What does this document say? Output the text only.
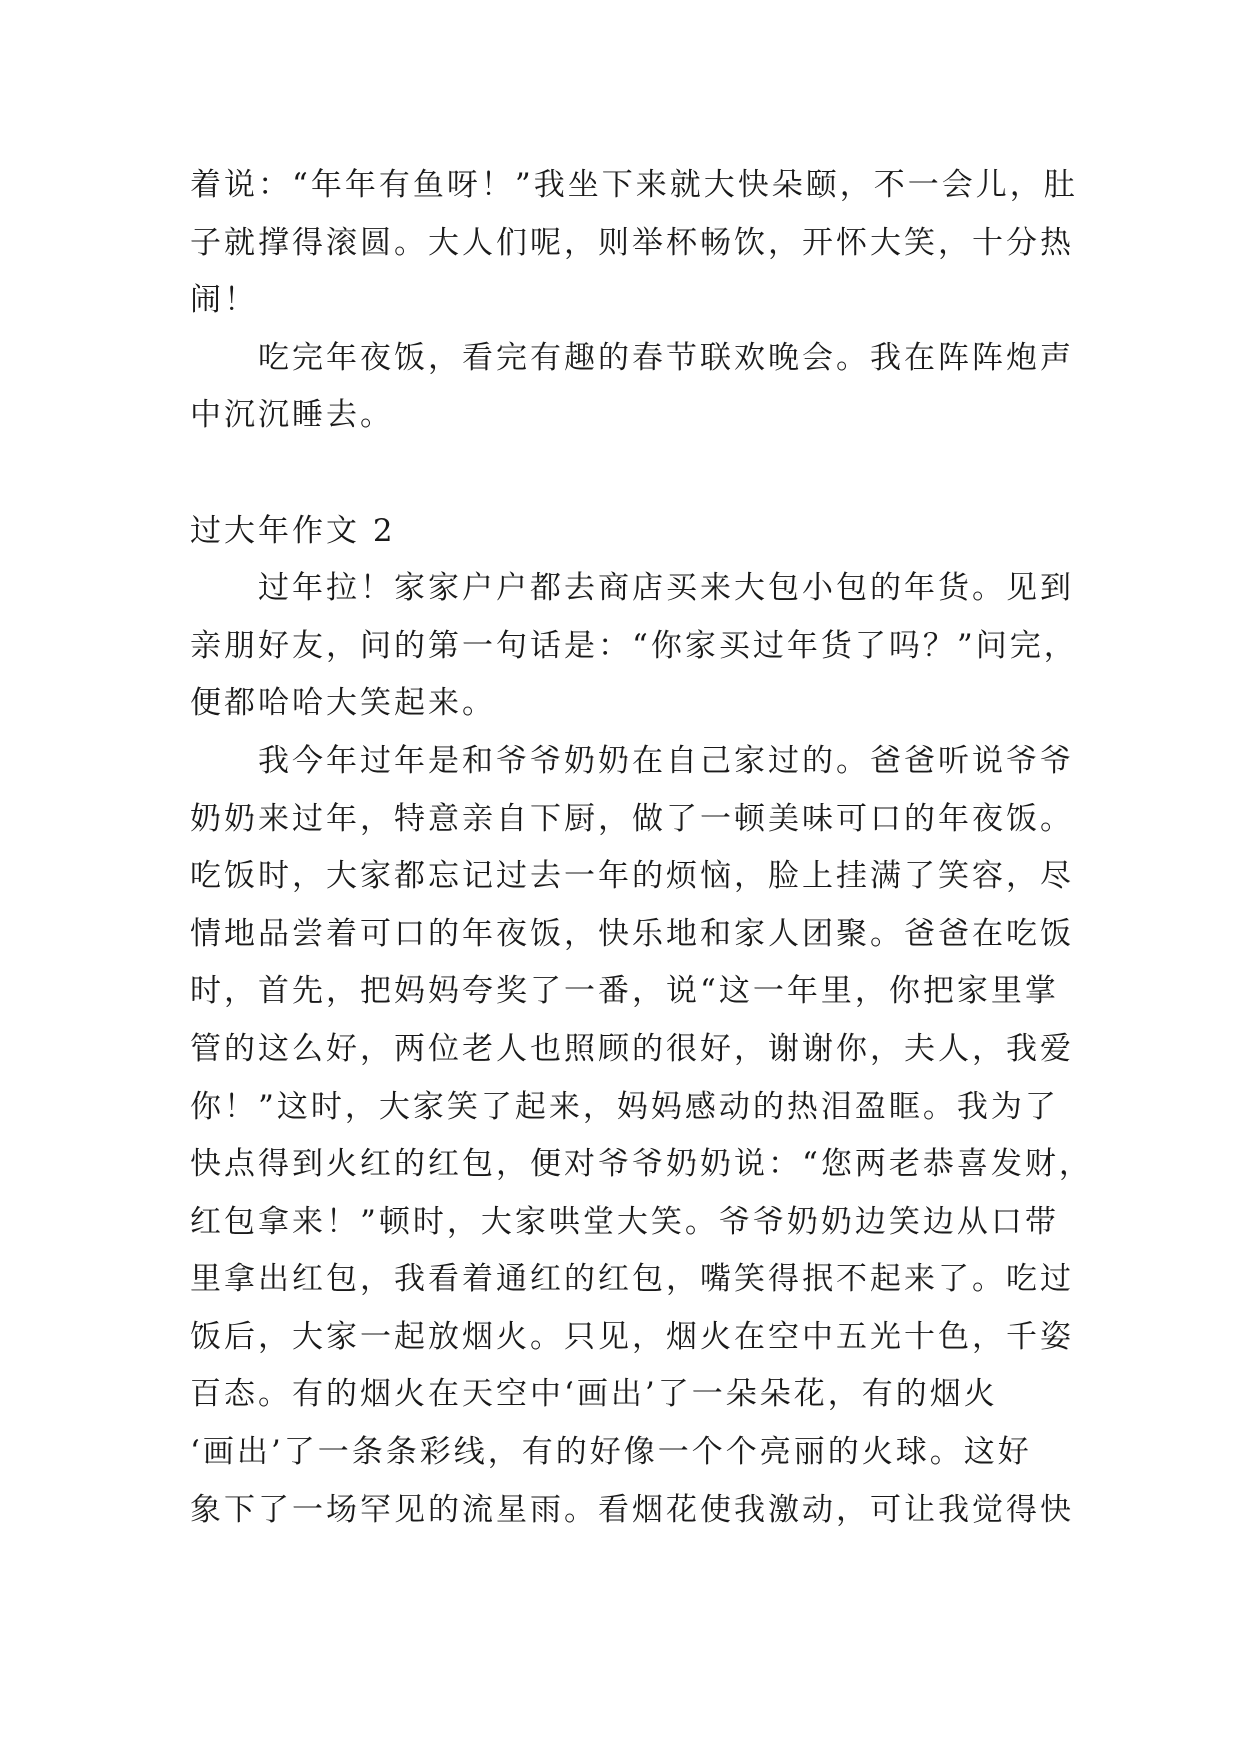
着说：“年年有鱼呀！”我坐下来就大快朵颐，不一会儿，肚
子就撑得滚圆。大人们呢，则举杯畅饮，开怀大笑，十分热
闹！
吃完年夜饭，看完有趣的春节联欢晚会。我在阵阵炮声
中沉沉睡去。
过大年作文 2
过年拉！家家户户都去商店买来大包小包的年货。见到
亲朋好友，问的第一句话是：“你家买过年货了吗？”问完，
便都哈哈大笑起来。
我今年过年是和爷爷奶奶在自己家过的。爸爸听说爷爷
奶奶来过年，特意亲自下厨，做了一顿美味可口的年夜饭。
吃饭时，大家都忘记过去一年的烦恼，脸上挂满了笑容，尽
情地品尝着可口的年夜饭，快乐地和家人团聚。爸爸在吃饭
时，首先，把妈妈夸奖了一番，说“这一年里，你把家里掌
管的这么好，两位老人也照顾的很好，谢谢你，夫人，我爱
你！”这时，大家笑了起来，妈妈感动的热泪盈眶。我为了
快点得到火红的红包，便对爷爷奶奶说：“您两老恭喜发财，
红包拿来！”顿时，大家哄堂大笑。爷爷奶奶边笑边从口带
里拿出红包，我看着通红的红包，嘴笑得抿不起来了。吃过
饭后，大家一起放烟火。只见，烟火在空中五光十色，千姿
百态。有的烟火在天空中‘画出’了一朵朵花，有的烟火
‘画出’了一条条彩线，有的好像一个个亮丽的火球。这好
象下了一场罕见的流星雨。看烟花使我激动，可让我觉得快
